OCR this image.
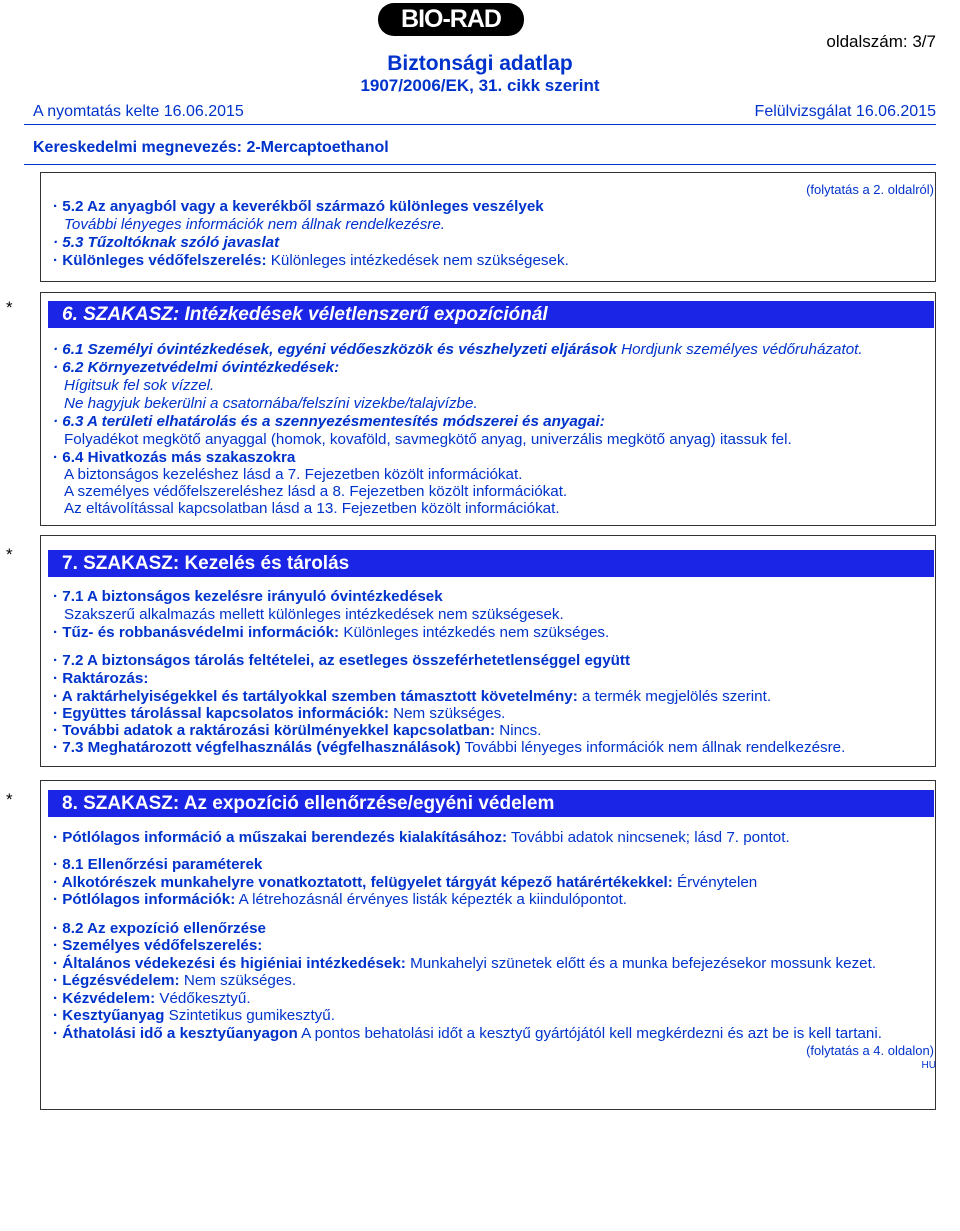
BIO-RAD
oldalszám: 3/7
Biztonsági adatlap
1907/2006/EK, 31. cikk szerint
A nyomtatás kelte 16.06.2015	Felülvizsgálat 16.06.2015
Kereskedelmi megnevezés: 2-Mercaptoethanol
(folytatás a 2. oldalról)
· 5.2 Az anyagból vagy a keverékből származó különleges veszélyek
További lényeges információk nem állnak rendelkezésre.
· 5.3 Tűzoltóknak szóló javaslat
· Különleges védőfelszerelés: Különleges intézkedések nem szükségesek.
*	6. SZAKASZ: Intézkedések véletlenszerű expozíciónál
· 6.1 Személyi óvintézkedések, egyéni védőeszközök és vészhelyzeti eljárások Hordjunk személyes védőruházatot.
· 6.2 Környezetvédelmi óvintézkedések:
Hígitsuk fel sok vízzel.
Ne hagyjuk bekerülni a csatornába/felszíni vizekbe/talajvízbe.
· 6.3 A területi elhatárolás és a szennyezésmentesítés módszerei és anyagai:
Folyadékot megkötő anyaggal (homok, kovaföld, savmegkötő anyag, univerzális megkötő anyag) itassuk fel.
· 6.4 Hivatkozás más szakaszokra
A biztonságos kezeléshez lásd a 7. Fejezetben közölt információkat.
A személyes védőfelszereléshez lásd a 8. Fejezetben közölt információkat.
Az eltávolítással kapcsolatban lásd a 13. Fejezetben közölt információkat.
*	7. SZAKASZ: Kezelés és tárolás
· 7.1 A biztonságos kezelésre irányuló óvintézkedések
Szakszerű alkalmazás mellett különleges intézkedések nem szükségesek.
· Tűz- és robbanásvédelmi információk: Különleges intézkedés nem szükséges.
· 7.2 A biztonságos tárolás feltételei, az esetleges összeférhetetlenséggel együtt
· Raktározás:
· A raktárhelyiségekkel és tartályokkal szemben támasztott követelmény: a termék megjelölés szerint.
· Együttes tárolással kapcsolatos információk: Nem szükséges.
· További adatok a raktározási körülményekkel kapcsolatban: Nincs.
· 7.3 Meghatározott végfelhasználás (végfelhasználások) További lényeges információk nem állnak rendelkezésre.
*	8. SZAKASZ: Az expozíció ellenőrzése/egyéni védelem
· Pótlólagos információ a műszakai berendezés kialakításához: További adatok nincsenek; lásd 7. pontot.
· 8.1 Ellenőrzési paraméterek
· Alkotórészek munkahelyre vonatkoztatott, felügyelet tárgyát képező határértékekkel: Érvénytelen
· Pótlólagos információk: A létrehozásnál érvényes listák képezték a kiindulópontot.
· 8.2 Az expozíció ellenőrzése
· Személyes védőfelszerelés:
· Általános védekezési és higiéniai intézkedések: Munkahelyi szünetek előtt és a munka befejezésekor mossunk kezet.
· Légzésvédelem: Nem szükséges.
· Kézvédelem: Védőkesztyű.
· Kesztyűanyag Szintetikus gumikesztyű.
· Áthatolási idő a kesztyűanyagon A pontos behatolási időt a kesztyű gyártójától kell megkérdezni és azt be is kell tartani.
(folytatás a 4. oldalon)
HU
